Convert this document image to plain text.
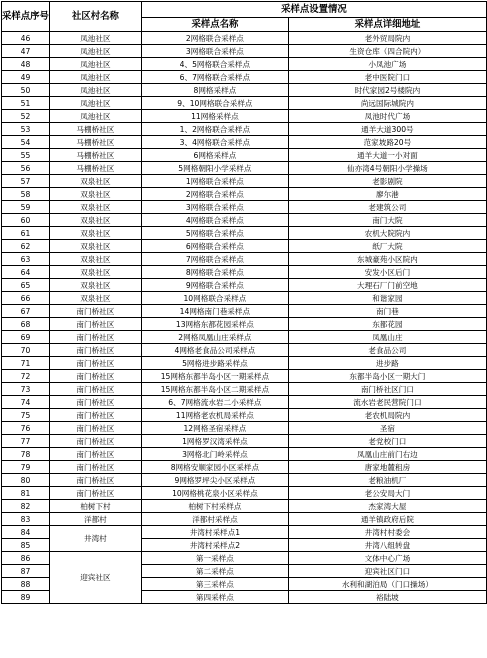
采样点序号	社区村名称	采样点设置情况	
		采样点名称	采样点详细地址
46	凤池社区	2网格联合采样点	老外贸局院内
47	凤池社区	3网格联合采样点	生资仓库（四合院内）
48	凤池社区	4、5网格联合采样点	小凤池广场
49	凤池社区	6、7网格联合采样点	老中医院门口
50	凤池社区	8网格采样点	时代家园2号楼院内
51	凤池社区	9、10网格联合采样点	尚远国际城院内
52	凤池社区	11网格采样点	凤池时代广场
53	马棚桥社区	1、2网格联合采样点	通羊大道300号
54	马棚桥社区	3、4网格联合采样点	范家坡路20号
55	马棚桥社区	6网格采样点	通羊大道一小对面
56	马棚桥社区	5网格朝阳小学采样点	仙亦湾4号朝阳小学操场
57	双泉社区	1网格联合采样点	老影剧院
58	双泉社区	2网格联合采样点	廖尔港
59	双泉社区	3网格联合采样点	老建筑公司
60	双泉社区	4网格联合采样点	南门大院
61	双泉社区	5网格联合采样点	农机大院院内
62	双泉社区	6网格联合采样点	纸厂大院
63	双泉社区	7网格联合采样点	东城豪苑小区院内
64	双泉社区	8网格联合采样点	安发小区后门
65	双泉社区	9网格联合采样点	大理石厂门前空地
66	双泉社区	10网格联合采样点	和谐家园
67	南门桥社区	14网格南门巷采样点	南门巷
68	南门桥社区	13网格东都花园采样点	东都花园
69	南门桥社区	2网格凤凰山庄采样点	凤凰山庄
70	南门桥社区	4网格老食品公司采样点	老食品公司
71	南门桥社区	5网格进步路采样点	进步路
72	南门桥社区	15网格东都半岛小区一期采样点	东都半岛小区一期大门
73	南门桥社区	15网格东都半岛小区二期采样点	南门桥社区门口
74	南门桥社区	6、7网格流水岩二小采样点	流水岩老民营院门口
75	南门桥社区	11网格老农机局采样点	老农机局院内
76	南门桥社区	12网格圣宿采样点	圣宿
77	南门桥社区	1网格罗汉湾采样点	老党校门口
78	南门桥社区	3网格北门岭采样点	凤凰山庄前门右边
79	南门桥社区	8网格安顺家园小区采样点	唐家地麓租房
80	南门桥社区	9网格罗坪尖小区采样点	老粮油机厂
81	南门桥社区	10网格桃花泉小区采样点	老公安局大门
82	柏树下村	柏树下村采样点	杰家湾大屋
83	洋都村	洋都村采样点	通羊镇政府后院
84	井湾村	井湾村采样点1	井湾村村委会
85		井湾村采样点2	井湾八组转盘
86	迎宾社区	第一采样点	文体中心广场
87		第二采样点	迎宾社区门口
88		第三采样点	水利和湖泊局（门口操场）
89		第四采样点	裕陆坡
